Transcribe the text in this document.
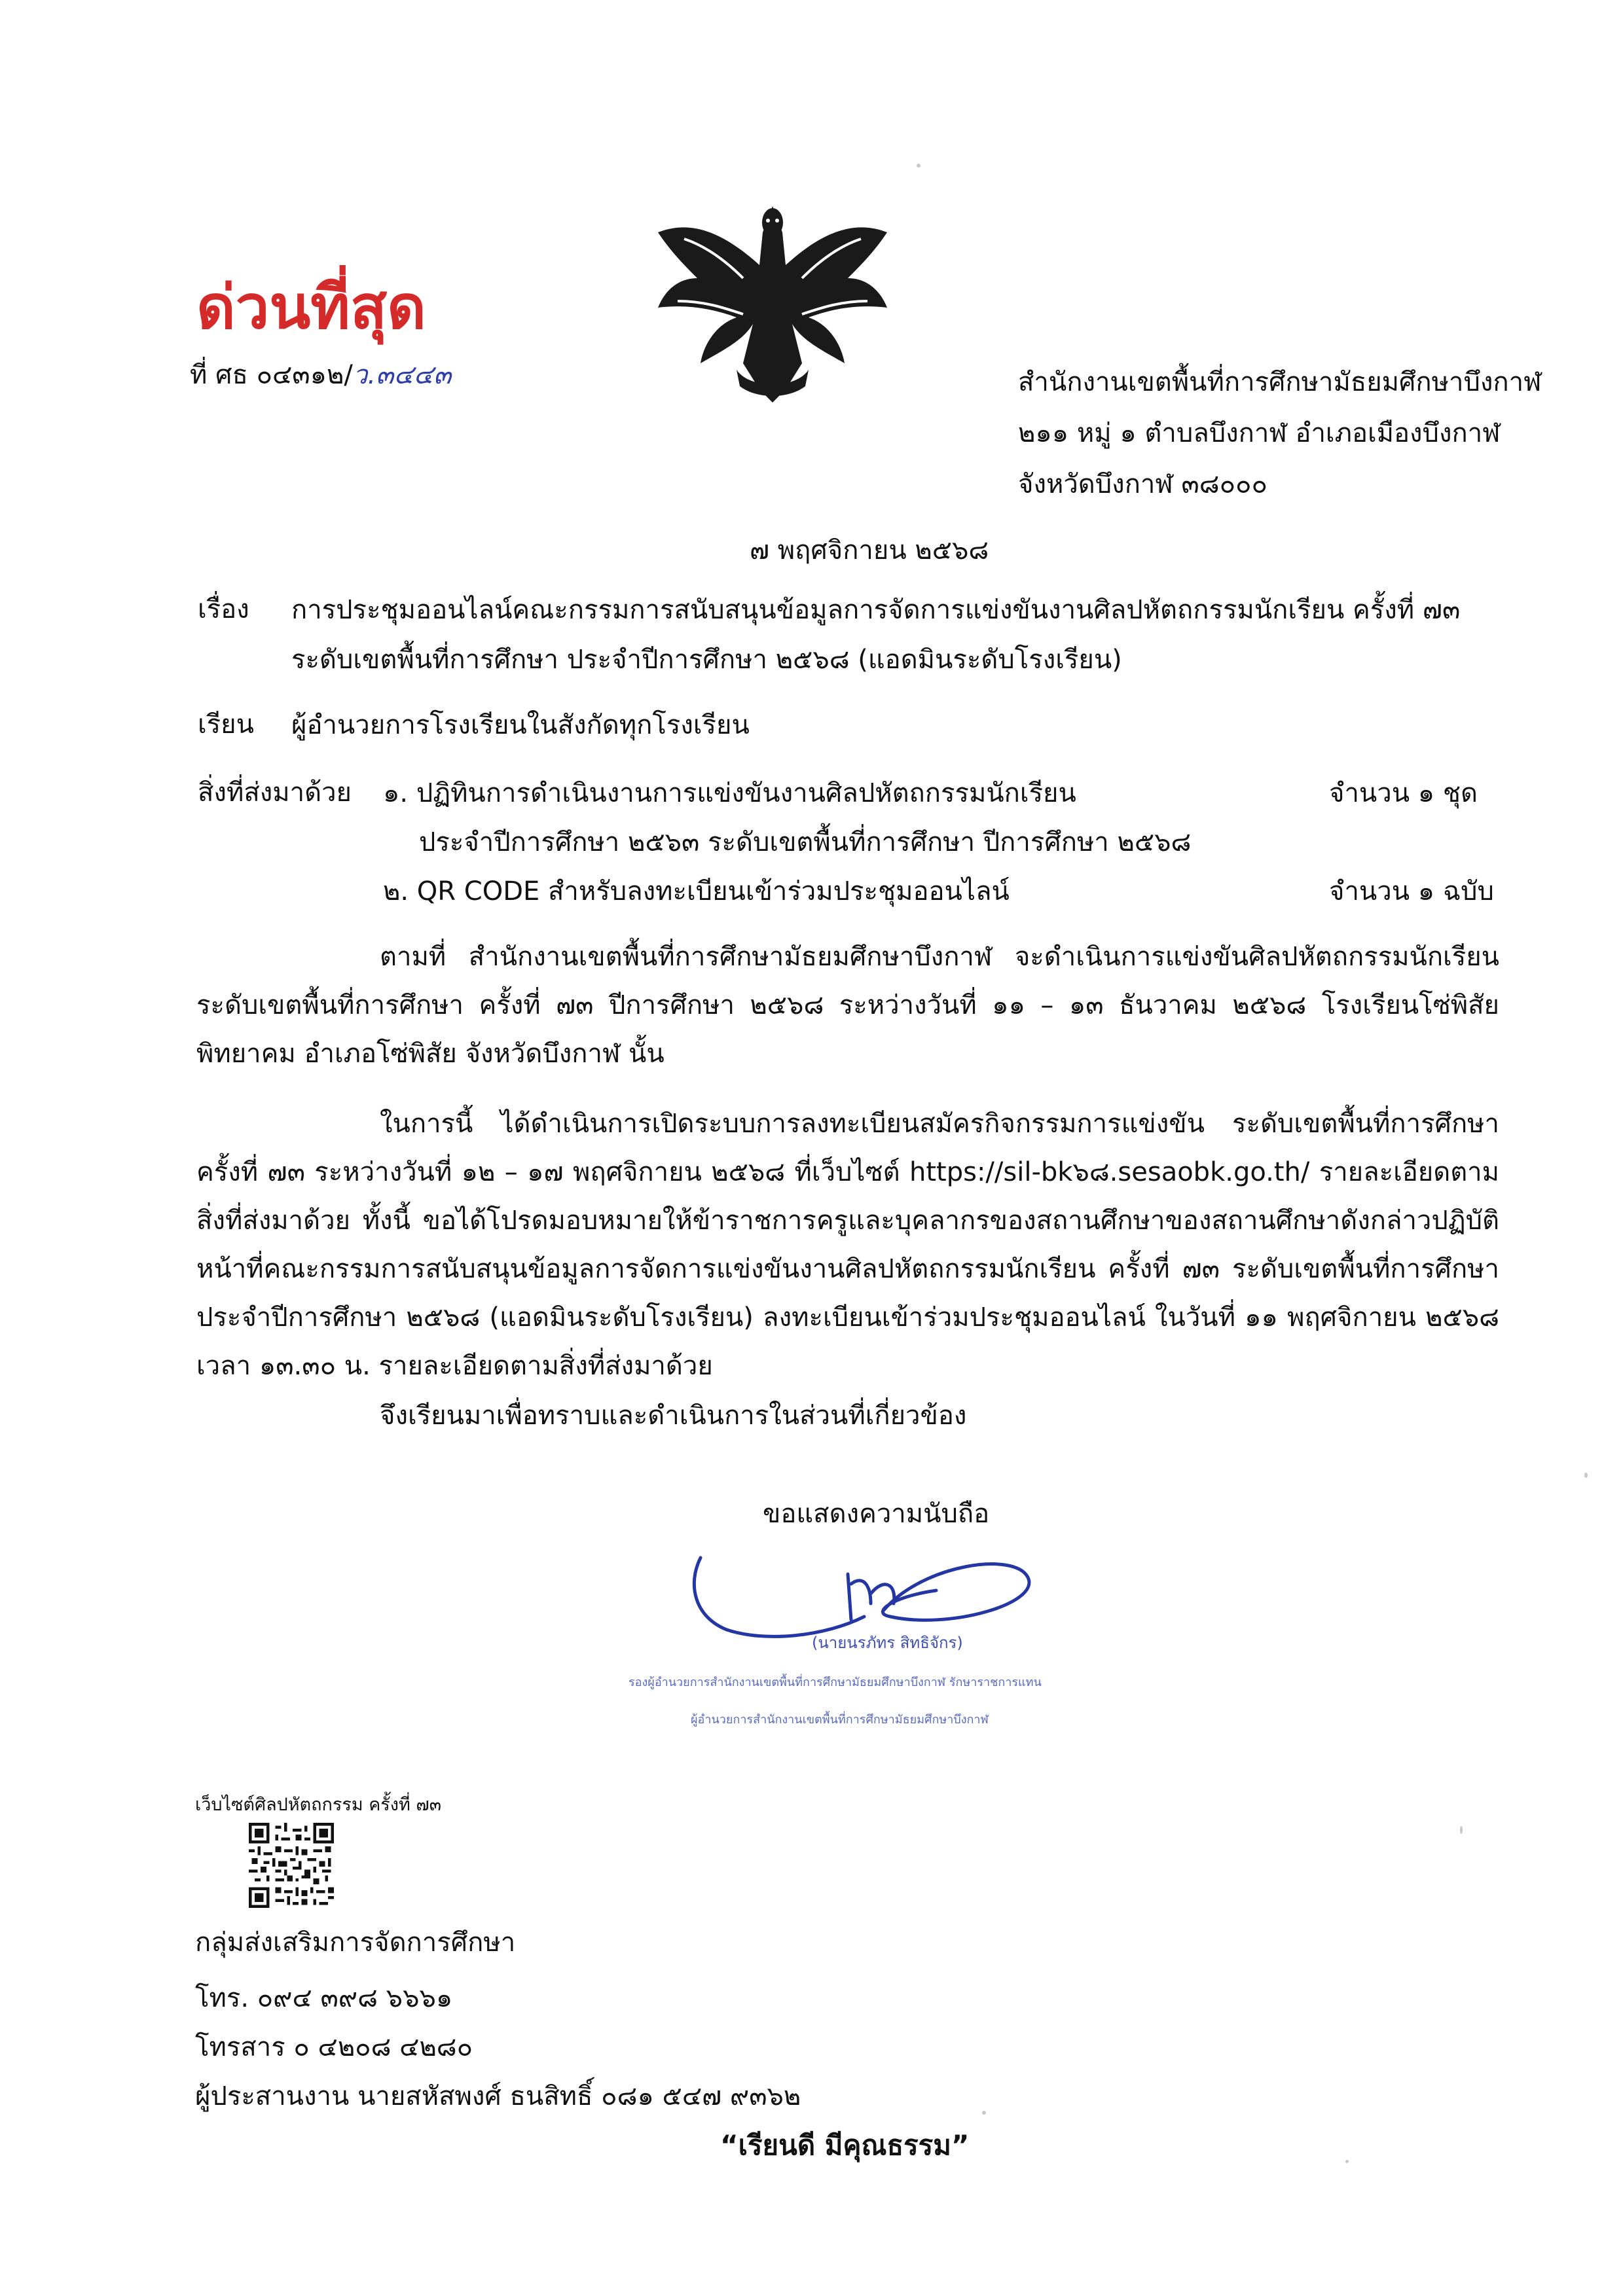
ด่วนที่สุด
ที่ ศธ ๐๔๓๑๒/ว.๓๔๔๓	สำนักงานเขตพื้นที่การศึกษามัธยมศึกษาบึงกาฬ
๒๑๑ หมู่ ๑ ตำบลบึงกาฬ อำเภอเมืองบึงกาฬ
จังหวัดบึงกาฬ ๓๘๐๐๐
๗ พฤศจิกายน ๒๕๖๘
เรื่อง การประชุมออนไลน์คณะกรรมการสนับสนุนข้อมูลการจัดการแข่งขันงานศิลปหัตถกรรมนักเรียน ครั้งที่ ๗๓
ระดับเขตพื้นที่การศึกษา ประจำปีการศึกษา ๒๕๖๘ (แอดมินระดับโรงเรียน)
เรียน ผู้อำนวยการโรงเรียนในสังกัดทุกโรงเรียน
สิ่งที่ส่งมาด้วย ๑. ปฏิทินการดำเนินงานการแข่งขันงานศิลปหัตถกรรมนักเรียน
ประจำปีการศึกษา ๒๕๖๓ ระดับเขตพื้นที่การศึกษา ปีการศึกษา ๒๕๖๘
จำนวน ๑ ชุด
๒. QR CODE สำหรับลงทะเบียนเข้าร่วมประชุมออนไลน์	จำนวน ๑ ฉบับ
ตามที่ สำนักงานเขตพื้นที่การศึกษามัธยมศึกษาบึงกาฬ จะดำเนินการแข่งขันศิลปหัตถกรรมนักเรียน ระดับเขตพื้นที่การศึกษา ครั้งที่ ๗๓ ปีการศึกษา ๒๕๖๘ ระหว่างวันที่ ๑๑ – ๑๓ ธันวาคม ๒๕๖๘ โรงเรียนโซ่พิสัยพิทยาคม อำเภอโซ่พิสัย จังหวัดบึงกาฬ นั้น
ในการนี้ ได้ดำเนินการเปิดระบบการลงทะเบียนสมัครกิจกรรมการแข่งขัน ระดับเขตพื้นที่การศึกษา ครั้งที่ ๗๓ ระหว่างวันที่ ๑๒ – ๑๗ พฤศจิกายน ๒๕๖๘ ที่เว็บไซต์ https://sil-bk๖๘.sesaobk.go.th/ รายละเอียดตามสิ่งที่ส่งมาด้วย ทั้งนี้ ขอได้โปรดมอบหมายให้ข้าราชการครูและบุคลากรของสถานศึกษาของสถานศึกษาดังกล่าวปฏิบัติหน้าที่คณะกรรมการสนับสนุนข้อมูลการจัดการแข่งขันงานศิลปหัตถกรรมนักเรียน ครั้งที่ ๗๓ ระดับเขตพื้นที่การศึกษา ประจำปีการศึกษา ๒๕๖๘ (แอดมินระดับโรงเรียน) ลงทะเบียนเข้าร่วมประชุมออนไลน์ ในวันที่ ๑๑ พฤศจิกายน ๒๕๖๘ เวลา ๑๓.๓๐ น. รายละเอียดตามสิ่งที่ส่งมาด้วย
จึงเรียนมาเพื่อทราบและดำเนินการในส่วนที่เกี่ยวข้อง
ขอแสดงความนับถือ
(นายนรภัทร สิทธิจักร)
รองผู้อำนวยการสำนักงานเขตพื้นที่การศึกษามัธยมศึกษาบึงกาฬ รักษาราชการแทน
ผู้อำนวยการสำนักงานเขตพื้นที่การศึกษามัธยมศึกษาบึงกาฬ
เว็บไซต์ศิลปหัตถกรรม ครั้งที่ ๗๓
กลุ่มส่งเสริมการจัดการศึกษา
โทร. ๐๙๔ ๓๙๘ ๖๖๖๑
โทรสาร ๐ ๔๒๐๘ ๔๒๘๐
ผู้ประสานงาน นายสหัสพงศ์ ธนสิทธิ์ ๐๘๑ ๕๔๗ ๙๓๖๒
“เรียนดี มีคุณธรรม”
